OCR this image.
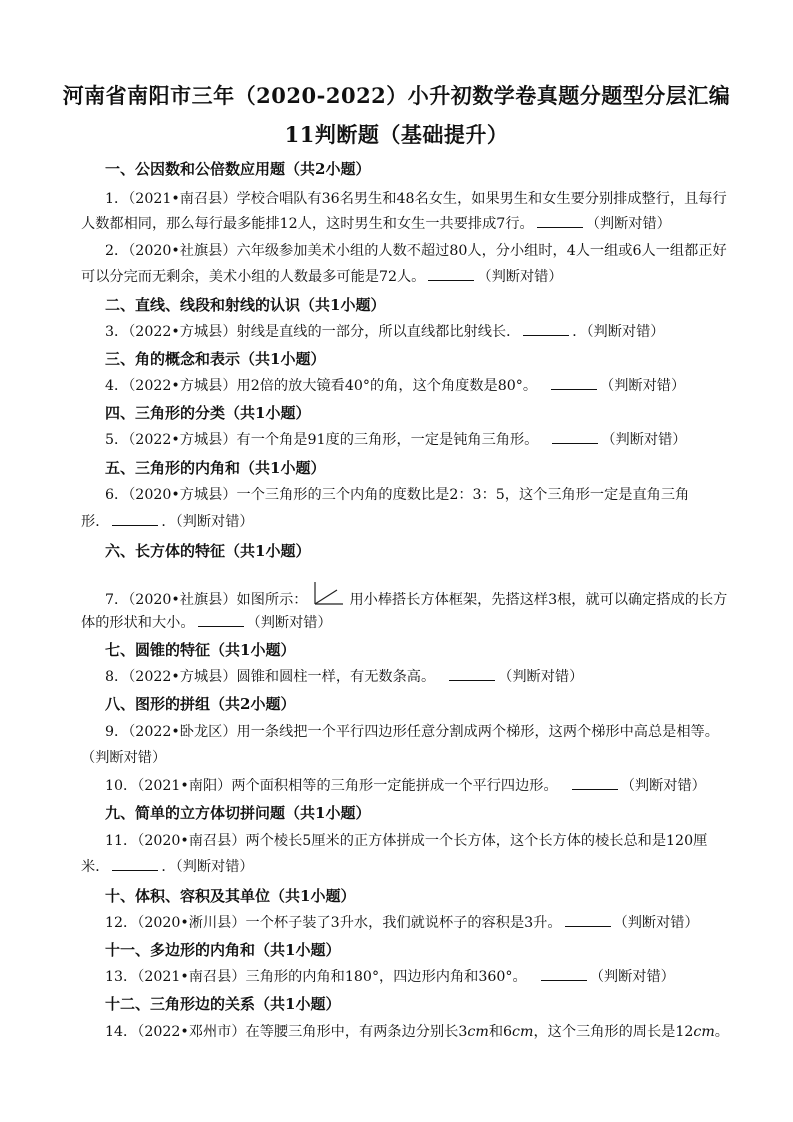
河南省南阳市三年（2020-2022）小升初数学卷真题分题型分层汇编
11判断题（基础提升）
一、公因数和公倍数应用题（共2小题）
1．（2021•南召县）学校合唱队有36名男生和48名女生，如果男生和女生要分别排成整行，且每行
人数都相同，那么每行最多能排12人，这时男生和女生一共要排成7行。	（判断对错）
2．（2020•社旗县）六年级参加美术小组的人数不超过80人，分小组时，4人一组或6人一组都正好
可以分完而无剩余，美术小组的人数最多可能是72人。	（判断对错）
二、直线、线段和射线的认识（共1小题）
3．（2022•方城县）射线是直线的一部分，所以直线都比射线长．	．（判断对错）
三、角的概念和表示（共1小题）
4．（2022•方城县）用2倍的放大镜看40°的角，这个角度数是80°。	（判断对错）
四、三角形的分类（共1小题）
5．（2022•方城县）有一个角是91度的三角形，一定是钝角三角形。	（判断对错）
五、三角形的内角和（共1小题）
6．（2020•方城县）一个三角形的三个内角的度数比是2：3：5，这个三角形一定是直角三角
形．	．（判断对错）
六、长方体的特征（共1小题）
7．（2020•社旗县）如图所示：	用小棒搭长方体框架，先搭这样3根，就可以确定搭成的长方
体的形状和大小。	（判断对错）
七、圆锥的特征（共1小题）
8．（2022•方城县）圆锥和圆柱一样，有无数条高。	（判断对错）
八、图形的拼组（共2小题）
9．（2022•卧龙区）用一条线把一个平行四边形任意分割成两个梯形，这两个梯形中高总是相等。
（判断对错）
10．（2021•南阳）两个面积相等的三角形一定能拼成一个平行四边形。	（判断对错）
九、简单的立方体切拼问题（共1小题）
11．（2020•南召县）两个棱长5厘米的正方体拼成一个长方体，这个长方体的棱长总和是120厘
米．	．（判断对错）
十、体积、容积及其单位（共1小题）
12．（2020•淅川县）一个杯子装了3升水，我们就说杯子的容积是3升。	（判断对错）
十一、多边形的内角和（共1小题）
13．（2021•南召县）三角形的内角和180°，四边形内角和360°。	（判断对错）
十二、三角形边的关系（共1小题）
14．（2022•邓州市）在等腰三角形中，有两条边分别长3cm和6cm，这个三角形的周长是12cm。
